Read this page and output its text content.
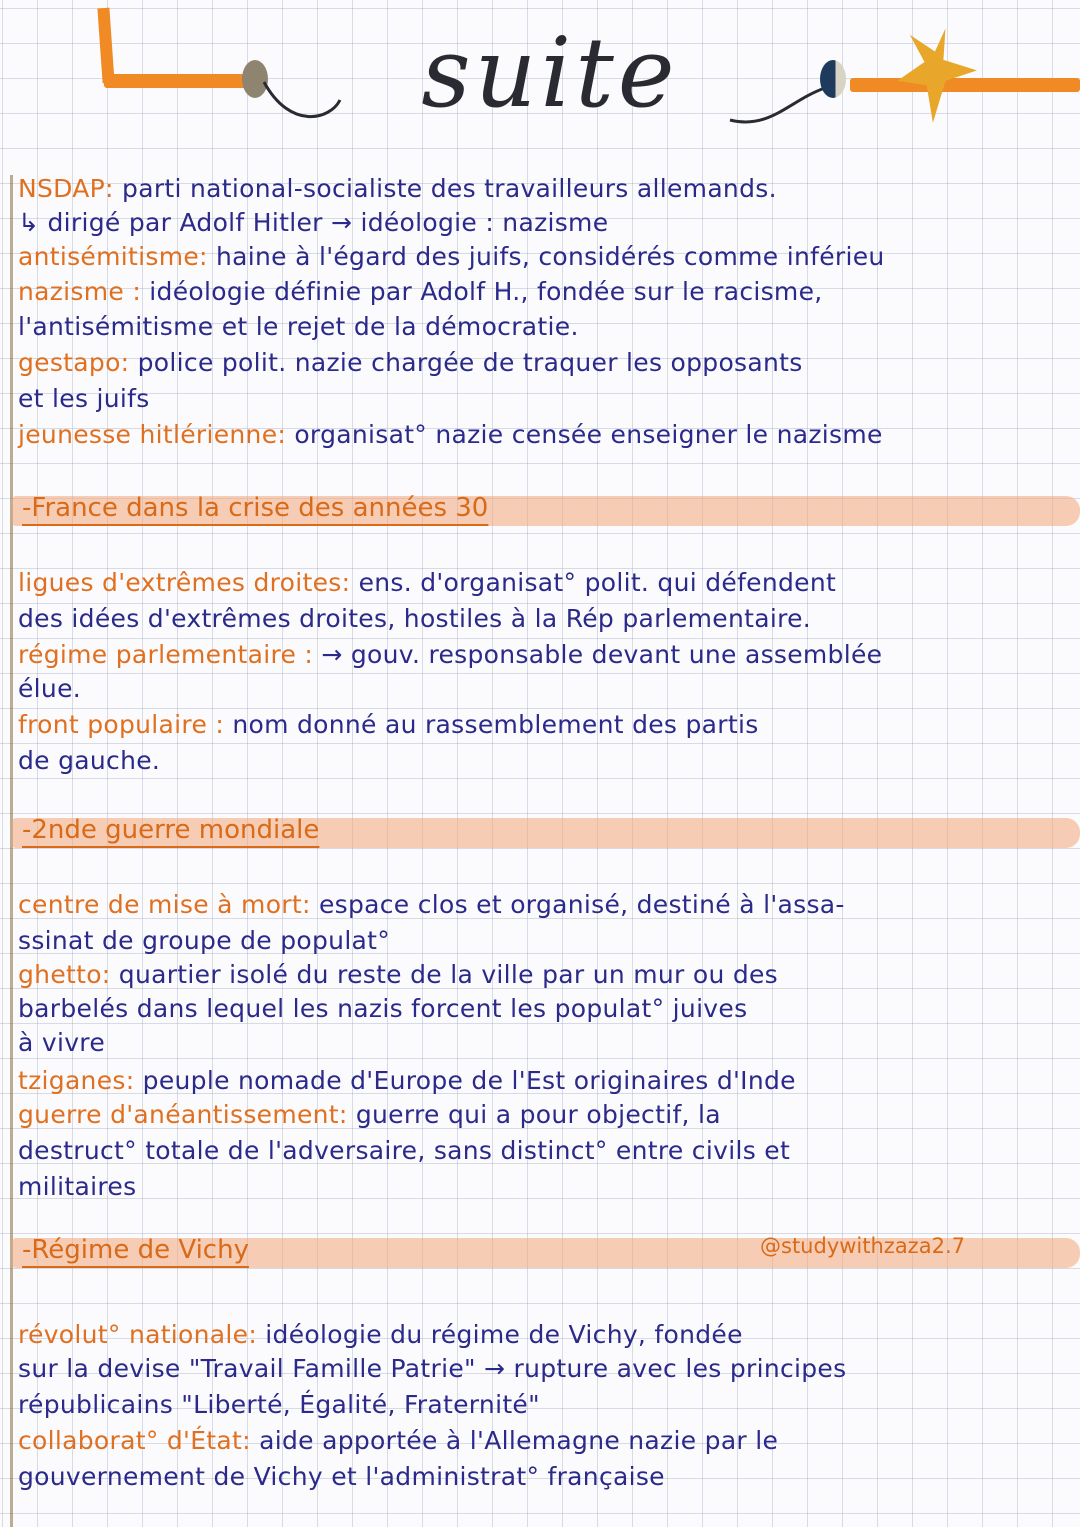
suite
NSDAP: parti national-socialiste des travailleurs allemands.
↳ dirigé par Adolf Hitler → idéologie : nazisme
antisémitisme: haine à l'égard des juifs, considérés comme inférieu
nazisme : idéologie définie par Adolf H., fondée sur le racisme,
l'antisémitisme et le rejet de la démocratie.
gestapo: police polit. nazie chargée de traquer les opposants
et les juifs
jeunesse hitlérienne: organisat° nazie censée enseigner le nazisme
-France dans la crise des années 30
ligues d'extrêmes droites: ens. d'organisat° polit. qui défendent
des idées d'extrêmes droites, hostiles à la Rép parlementaire.
régime parlementaire : → gouv. responsable devant une assemblée
élue.
front populaire : nom donné au rassemblement des partis
de gauche.
-2nde guerre mondiale
centre de mise à mort: espace clos et organisé, destiné à l'assa-
ssinat de groupe de populat°
ghetto: quartier isolé du reste de la ville par un mur ou des
barbelés dans lequel les nazis forcent les populat° juives
à vivre
tziganes: peuple nomade d'Europe de l'Est originaires d'Inde
guerre d'anéantissement: guerre qui a pour objectif, la
destruct° totale de l'adversaire, sans distinct° entre civils et
militaires
-Régime de Vichy	@studywithzaza2.7
révolut° nationale: idéologie du régime de Vichy, fondée
sur la devise "Travail Famille Patrie" → rupture avec les principes
républicains "Liberté, Égalité, Fraternité"
collaborat° d'État: aide apportée à l'Allemagne nazie par le
gouvernement de Vichy et l'administrat° française
